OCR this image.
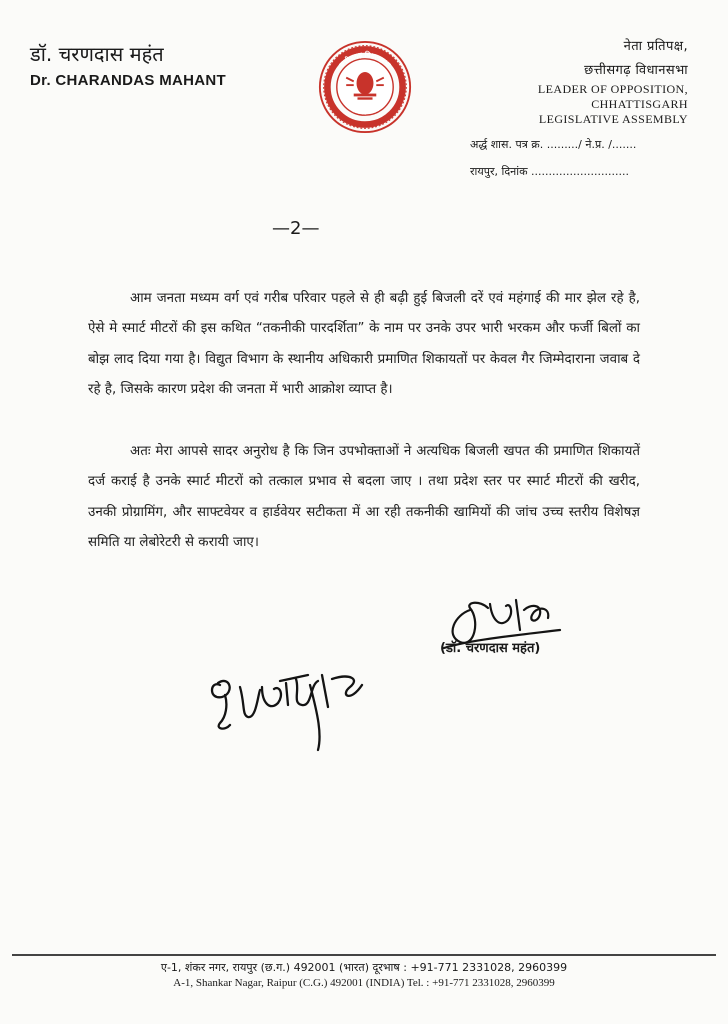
डॉ. चरणदास महंत
Dr. CHARANDAS MAHANT
छत्तीसगढ़ विधानसभा
सत्यमेव जयते
नेता प्रतिपक्ष,
छत्तीसगढ़ विधानसभा
LEADER OF OPPOSITION,
CHHATTISGARH
LEGISLATIVE ASSEMBLY
अर्द्ध शास. पत्र क्र. ........./ ने.प्र. /.......
रायपुर, दिनांक ............................
—2—
आम जनता मध्यम वर्ग एवं गरीब परिवार पहले से ही बढ़ी हुई बिजली दरें एवं महंगाई की मार झेल रहे है, ऐसे मे स्मार्ट मीटरों की इस कथित “तकनीकी पारदर्शिता” के नाम पर उनके उपर भारी भरकम और फर्जी बिलों का बोझ लाद दिया गया है। विद्युत विभाग के स्थानीय अधिकारी प्रमाणित शिकायतों पर केवल गैर जिम्मेदाराना जवाब दे रहे है, जिसके कारण प्रदेश की जनता में भारी आक्रोश व्याप्त है।
अतः मेरा आपसे सादर अनुरोध है कि जिन उपभोक्ताओं ने अत्यधिक बिजली खपत की प्रमाणित शिकायतें दर्ज कराई है उनके स्मार्ट मीटरों को तत्काल प्रभाव से बदला जाए । तथा प्रदेश स्तर पर स्मार्ट मीटरों की खरीद, उनकी प्रोग्रामिंग, और साफ्टवेयर व हार्डवेयर सटीकता में आ रही तकनीकी खामियों की जांच उच्च स्तरीय विशेषज्ञ समिति या लेबोरेटरी से करायी जाए।
(डॉ. चरणदास महंत)
ए-1, शंकर नगर, रायपुर (छ.ग.) 492001 (भारत) दूरभाष : +91-771 2331028, 2960399
A-1, Shankar Nagar, Raipur (C.G.) 492001 (INDIA) Tel. : +91-771 2331028, 2960399
